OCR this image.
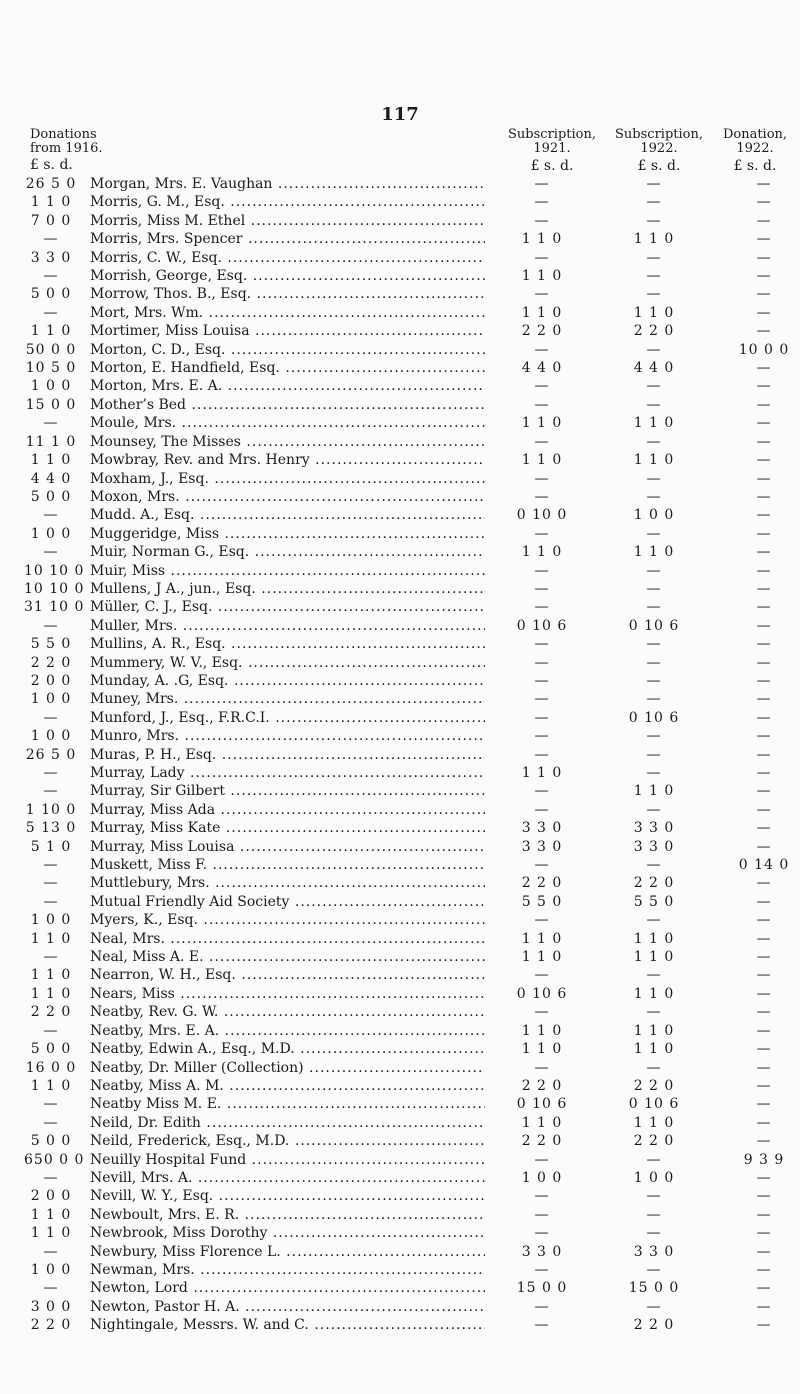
117
Donations
from 1916.
£ s. d.
Subscription,
1921.
£ s. d.
Subscription,
1922.
£ s. d.
Donation,
1922.
£ s. d.
26 5 0 Morgan, Mrs. E. Vaughan .....	—	—	—
1 1 0	Morris, G. M., Esq. .....	—	—	—
7 0 0	Morris, Miss M. Ethel .....	—	—	—
—	Morris, Mrs. Spencer .....	1 1 0	1 1 0	—
3 3 0	Morris, C. W., Esq. .....	—	—	—
—	Morrish, George, Esq. .....	1 1 0	—	—
5 0 0	Morrow, Thos. B., Esq. .....	—	—	—
—	Mort, Mrs. Wm. .....	1 1 0	1 1 0	—
1 1 0	Mortimer, Miss Louisa .....	2 2 0	2 2 0	—
50 0 0 Morton, C. D., Esq. .....	—	—	10 0 0
10 5 0 Morton, E. Handfield, Esq. .....	4 4 0	4 4 0	—
1 0 0	Morton, Mrs. E. A. .....	—	—	—
15 0 0 Mother’s Bed .....	—	—	—
—	Moule, Mrs. .....	1 1 0	1 1 0	—
11 1 0 Mounsey, The Misses .....	—	—	—
1 1 0	Mowbray, Rev. and Mrs. Henry .....	1 1 0	1 1 0	—
4 4 0	Moxham, J., Esq. .....	—	—	—
5 0 0	Moxon, Mrs. .....	—	—	—
—	Mudd. A., Esq. .....	0 10 0	1 0 0	—
1 0 0	Muggeridge, Miss .....	—	—	—
—	Muir, Norman G., Esq. .....	1 1 0	1 1 0	—
10 10 0 Muir, Miss .....	—	—	—
10 10 0 Mullens, J A., jun., Esq. .....	—	—	—
31 10 0 Müller, C. J., Esq. .....	—	—	—
—	Muller, Mrs. .....	0 10 6	0 10 6	—
5 5 0	Mullins, A. R., Esq. .....	—	—	—
2 2 0	Mummery, W. V., Esq. .....	—	—	—
2 0 0	Munday, A. .G, Esq. .....	—	—	—
1 0 0	Muney, Mrs. .....	—	—	—
—	Munford, J., Esq., F.R.C.I. .....	—	0 10 6	—
1 0 0	Munro, Mrs. .....	—	—	—
26 5 0 Muras, P. H., Esq. .....	—	—	—
—	Murray, Lady .....	1 1 0	—	—
—	Murray, Sir Gilbert .....	—	1 1 0	—
1 10 0 Murray, Miss Ada .....	—	—	—
5 13 0 Murray, Miss Kate .....	3 3 0	3 3 0	—
5 1 0	Murray, Miss Louisa .....	3 3 0	3 3 0	—
—	Muskett, Miss F. .....	—	—	0 14 0
—	Muttlebury, Mrs. .....	2 2 0	2 2 0	—
—	Mutual Friendly Aid Society .....	5 5 0	5 5 0	—
1 0 0	Myers, K., Esq. .....	—	—	—
1 1 0	Neal, Mrs. .....	1 1 0	1 1 0	—
—	Neal, Miss A. E. .....	1 1 0	1 1 0	—
1 1 0	Nearron, W. H., Esq. .....	—	—	—
1 1 0	Nears, Miss .....	0 10 6	1 1 0	—
2 2 0	Neatby, Rev. G. W. .....	—	—	—
—	Neatby, Mrs. E. A. .....	1 1 0	1 1 0	—
5 0 0	Neatby, Edwin A., Esq., M.D. .....	1 1 0	1 1 0	—
16 0 0 Neatby, Dr. Miller (Collection) .....	—	—	—
1 1 0	Neatby, Miss A. M. .....	2 2 0	2 2 0	—
—	Neatby Miss M. E. .....	0 10 6	0 10 6	—
—	Neild, Dr. Edith .....	1 1 0	1 1 0	—
5 0 0	Neild, Frederick, Esq., M.D. .....	2 2 0	2 2 0	—
650 0 0 Neuilly Hospital Fund .....	—	—	9 3 9
—	Nevill, Mrs. A. .....	1 0 0	1 0 0	—
2 0 0	Nevill, W. Y., Esq. .....	—	—	—
1 1 0	Newboult, Mrs. E. R. .....	—	—	—
1 1 0	Newbrook, Miss Dorothy .....	—	—	—
—	Newbury, Miss Florence L. .....	3 3 0	3 3 0	—
1 0 0	Newman, Mrs. .....	—	—	—
—	Newton, Lord .....	15 0 0	15 0 0	—
3 0 0	Newton, Pastor H. A. .....	—	—	—
2 2 0	Nightingale, Messrs. W. and C. .....	—	2 2 0	—
